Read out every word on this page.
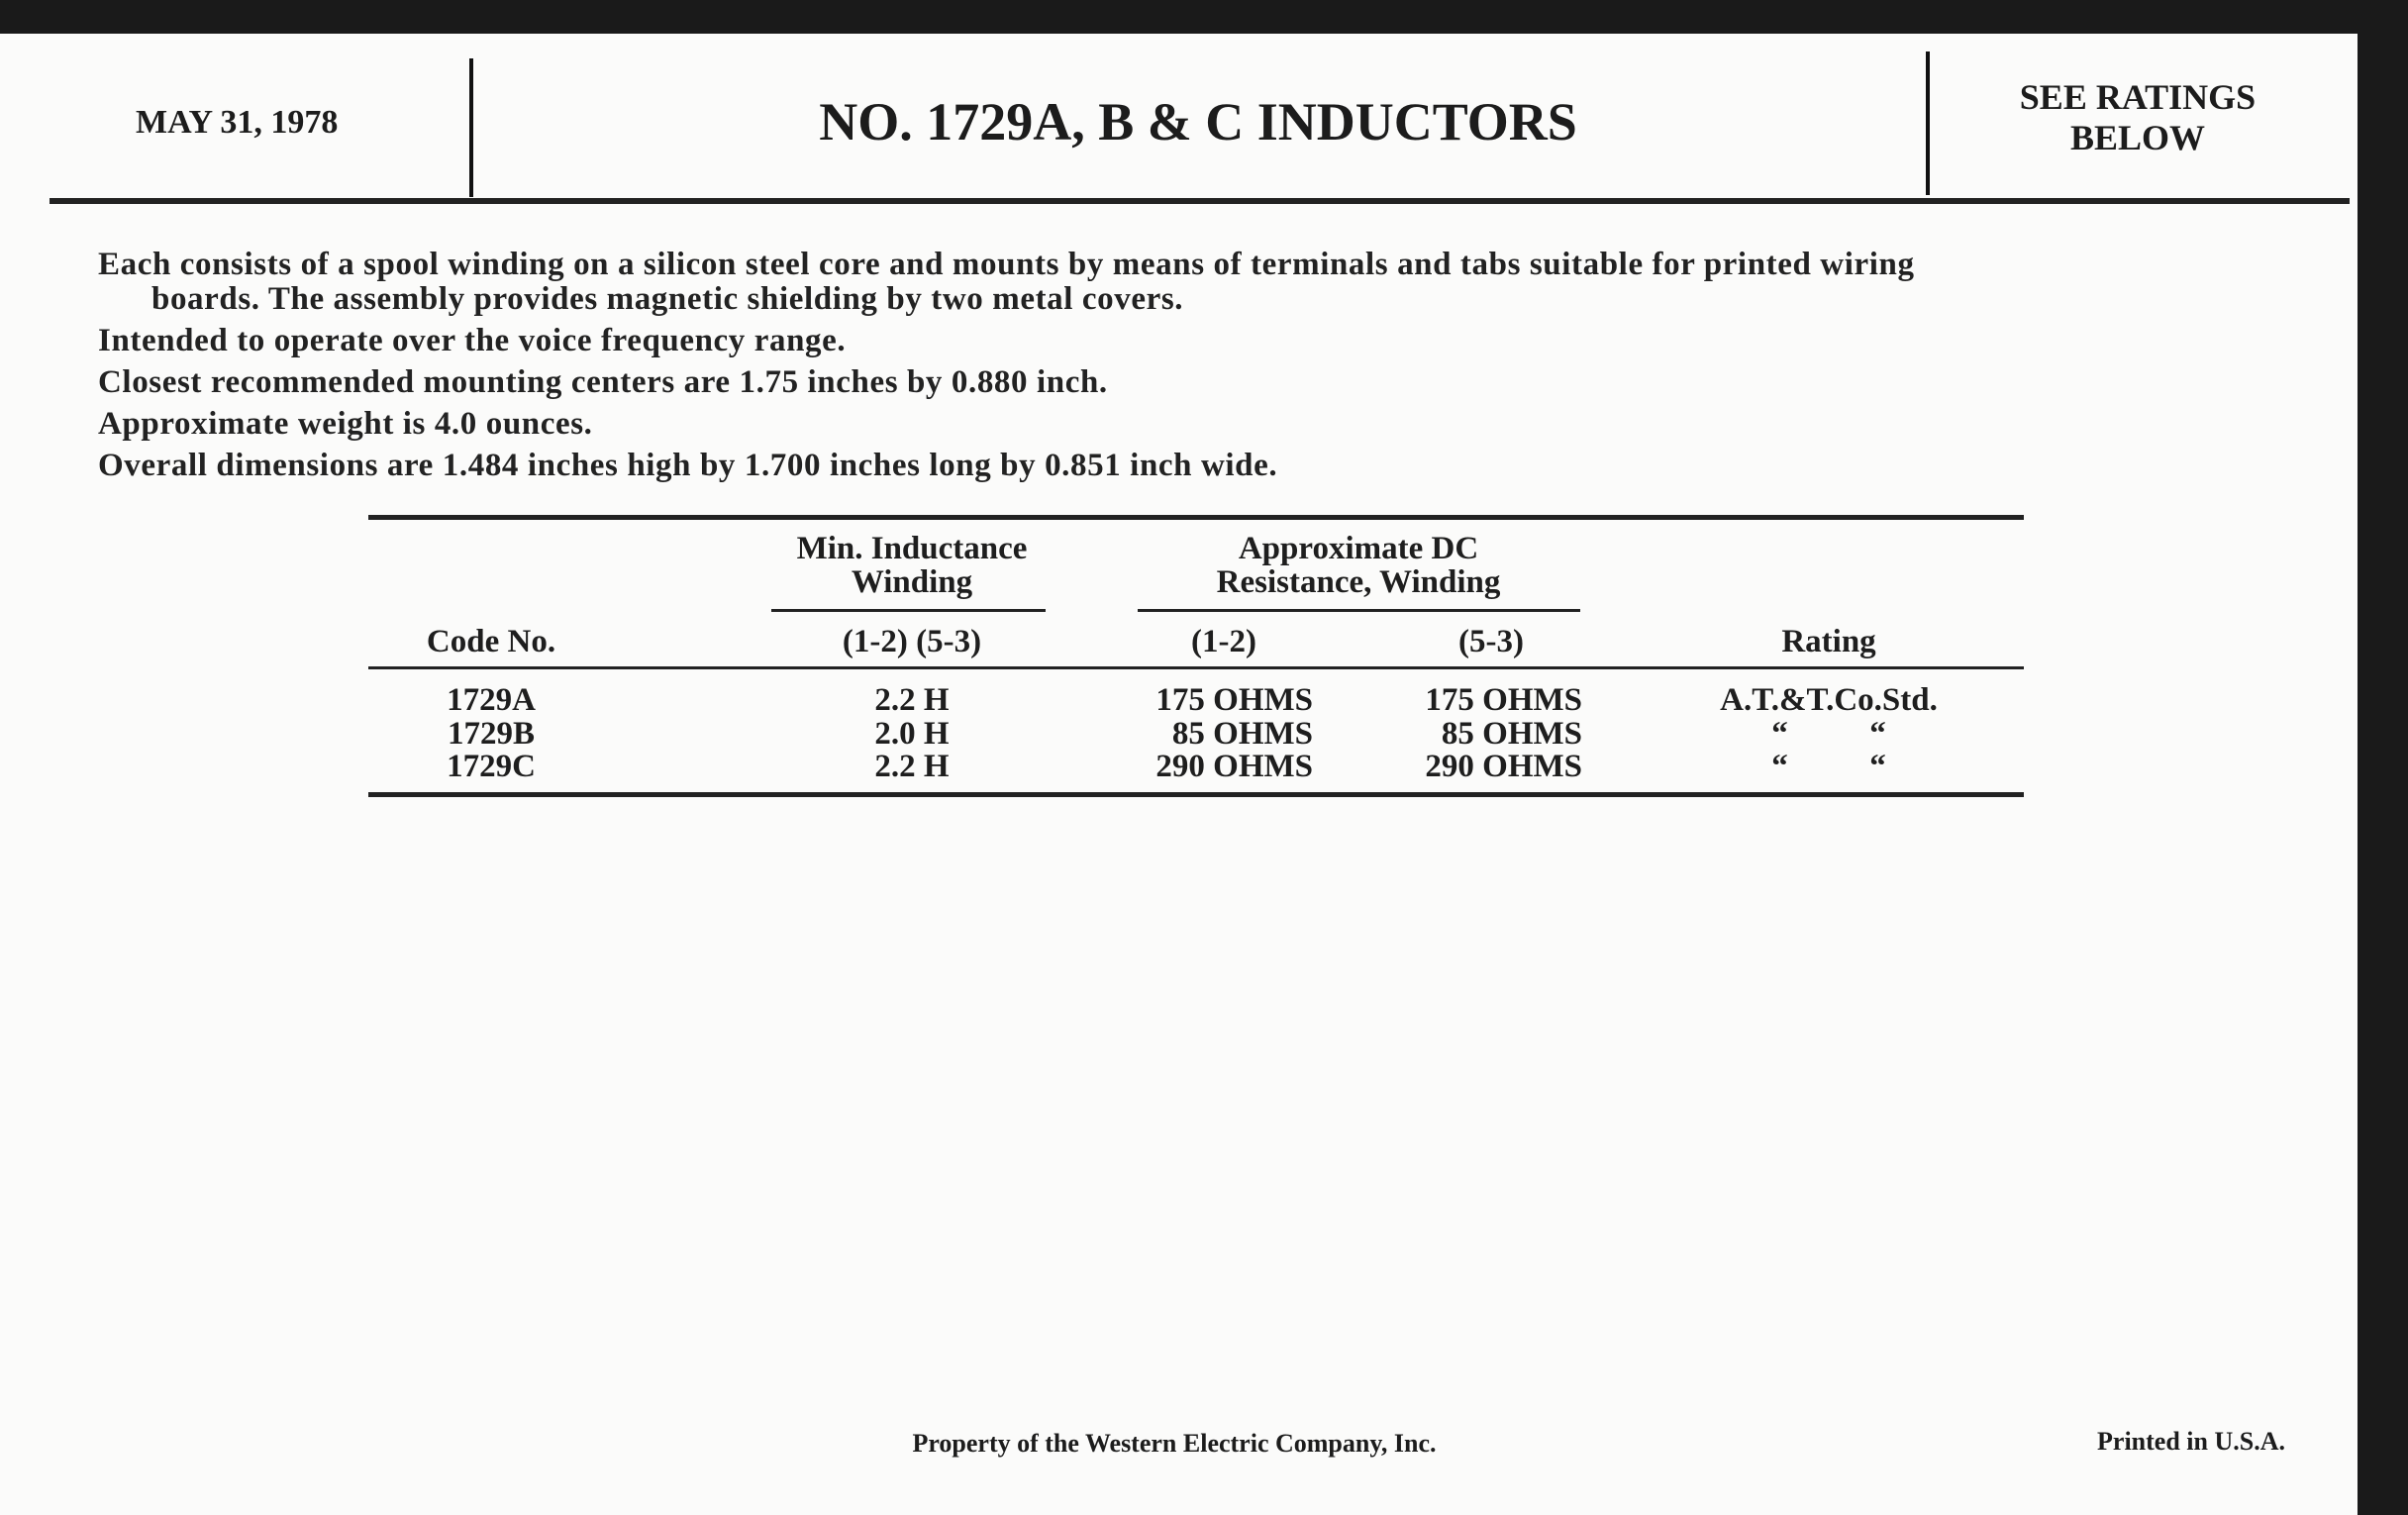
MAY 31, 1978	NO. 1729A, B & C INDUCTORS	SEE RATINGS
BELOW
Each consists of a spool winding on a silicon steel core and mounts by means of terminals and tabs suitable for printed wiring
boards. The assembly provides magnetic shielding by two metal covers.
Intended to operate over the voice frequency range.
Closest recommended mounting centers are 1.75 inches by 0.880 inch.
Approximate weight is 4.0 ounces.
Overall dimensions are 1.484 inches high by 1.700 inches long by 0.851 inch wide.
Min. Inductance
Winding
Approximate DC
Resistance, Winding
Code No.	(1-2) (5-3)	(1-2)	(5-3)	Rating
1729A	2.2 H	175 OHMS	175 OHMS	A.T.&T.Co.Std.
1729B	2.0 H	85 OHMS	85 OHMS	“          “
1729C	2.2 H	290 OHMS	290 OHMS	“          “
Property of the Western Electric Company, Inc.	Printed in U.S.A.
